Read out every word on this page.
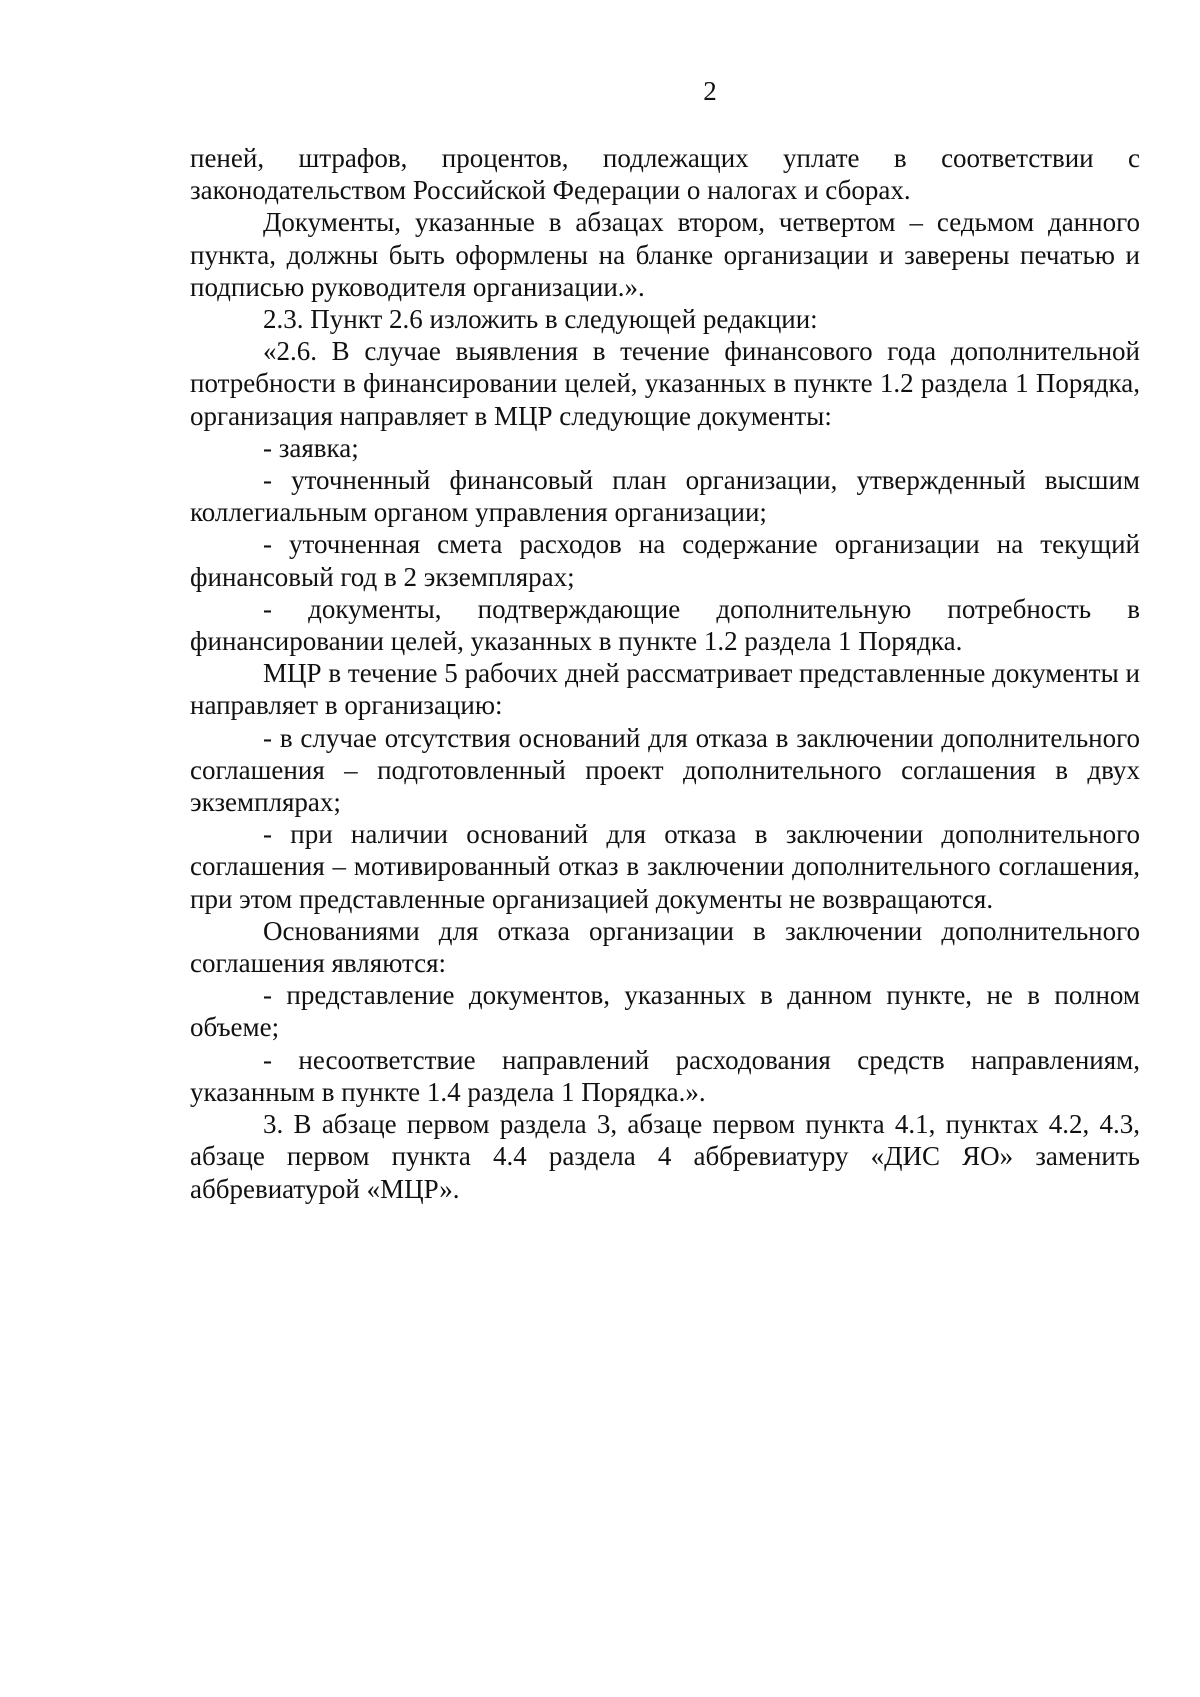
2

пеней, штрафов, процентов, подлежащих уплате в соответствии с законодательством Российской Федерации о налогах и сборах.

Документы, указанные в абзацах втором, четвертом – седьмом данного пункта, должны быть оформлены на бланке организации и заверены печатью и подписью руководителя организации.».

2.3. Пункт 2.6 изложить в следующей редакции:

«2.6. В случае выявления в течение финансового года дополнительной потребности в финансировании целей, указанных в пункте 1.2 раздела 1 Порядка, организация направляет в МЦР следующие документы:

- заявка;

- уточненный финансовый план организации, утвержденный высшим коллегиальным органом управления организации;

- уточненная смета расходов на содержание организации на текущий финансовый год в 2 экземплярах;

- документы, подтверждающие дополнительную потребность в финансировании целей, указанных в пункте 1.2 раздела 1 Порядка.

МЦР в течение 5 рабочих дней рассматривает представленные документы и направляет в организацию:

- в случае отсутствия оснований для отказа в заключении дополнительного соглашения – подготовленный проект дополнительного соглашения в двух экземплярах;

- при наличии оснований для отказа в заключении дополнительного соглашения – мотивированный отказ в заключении дополнительного соглашения, при этом представленные организацией документы не возвращаются.

Основаниями для отказа организации в заключении дополнительного соглашения являются:

- представление документов, указанных в данном пункте, не в полном объеме;

- несоответствие направлений расходования средств направлениям, указанным в пункте 1.4 раздела 1 Порядка.».

3. В абзаце первом раздела 3, абзаце первом пункта 4.1, пунктах 4.2, 4.3, абзаце первом пункта 4.4 раздела 4 аббревиатуру «ДИС ЯО» заменить аббревиатурой «МЦР».
